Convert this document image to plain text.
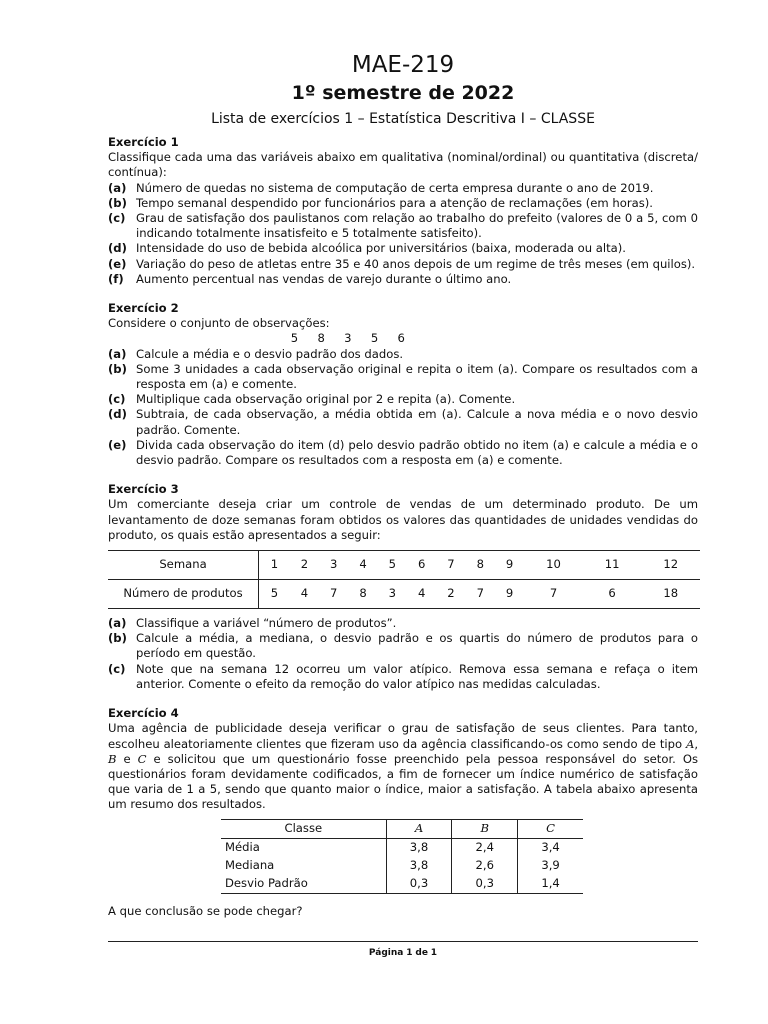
MAE-219
1º semestre de 2022
Lista de exercícios 1 – Estatística Descritiva I – CLASSE

Exercício 1

Classifique cada uma das variáveis abaixo em qualitativa (nominal/ordinal) ou quantitativa (discreta/ contínua):

(a) Número de quedas no sistema de computação de certa empresa durante o ano de 2019.
(b) Tempo semanal despendido por funcionários para a atenção de reclamações (em horas).
(c) Grau de satisfação dos paulistanos com relação ao trabalho do prefeito (valores de 0 a 5, com 0 indicando totalmente insatisfeito e 5 totalmente satisfeito).
(d) Intensidade do uso de bebida alcoólica por universitários (baixa, moderada ou alta).
(e) Variação do peso de atletas entre 35 e 40 anos depois de um regime de três meses (em quilos).
(f)	Aumento percentual nas vendas de varejo durante o último ano.

Exercício 2

Considere o conjunto de observações:

5 8 3 5 6

(a) Calcule a média e o desvio padrão dos dados.
(b) Some 3 unidades a cada observação original e repita o item (a). Compare os resultados com a resposta em (a) e comente.
(c) Multiplique cada observação original por 2 e repita (a). Comente.
(d) Subtraia, de cada observação, a média obtida em (a). Calcule a nova média e o novo desvio padrão. Comente.
(e) Divida cada observação do item (d) pelo desvio padrão obtido no item (a) e calcule a média e o desvio padrão. Compare os resultados com a resposta em (a) e comente.

Exercício 3

Um comerciante deseja criar um controle de vendas de um determinado produto. De um levantamento de doze semanas foram obtidos os valores das quantidades de unidades vendidas do produto, os quais estão apresentados a seguir:

Semana	1	2	3	4	5	6	7	8	9	10	11	12
Número de produtos	5	4	7	8	3	4	2	7	9	7	6	18
(a) Classifique a variável “número de produtos”.
(b) Calcule a média, a mediana, o desvio padrão e os quartis do número de produtos para o período em questão.
(c) Note que na semana 12 ocorreu um valor atípico. Remova essa semana e refaça o item anterior. Comente o efeito da remoção do valor atípico nas medidas calculadas.

Exercício 4

Uma agência de publicidade deseja verificar o grau de satisfação de seus clientes. Para tanto, escolheu aleatoriamente clientes que fizeram uso da agência classificando-os como sendo de tipo A, B e C e solicitou que um questionário fosse preenchido pela pessoa responsável do setor. Os questionários foram devidamente codificados, a fim de fornecer um índice numérico de satisfação que varia de 1 a 5, sendo que quanto maior o índice, maior a satisfação. A tabela abaixo apresenta um resumo dos resultados.

Classe	A	B	C
Média	3,8	2,4	3,4
Mediana	3,8	2,6	3,9
Desvio Padrão	0,3	0,3	1,4

A que conclusão se pode chegar?

Página 1 de 1
